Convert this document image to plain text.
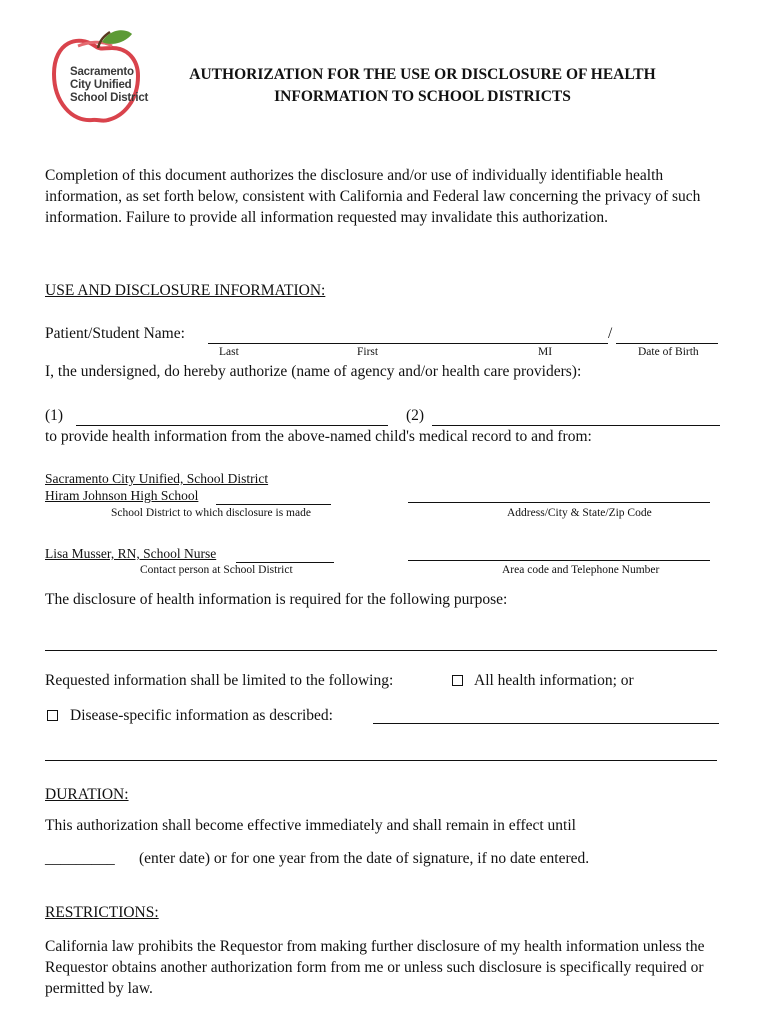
Sacramento
City Unified
School District
AUTHORIZATION FOR THE USE OR DISCLOSURE OF HEALTH
INFORMATION TO SCHOOL DISTRICTS
Completion of this document authorizes the disclosure and/or use of individually identifiable health information, as set forth below, consistent with California and Federal law concerning the privacy of such information. Failure to provide all information requested may invalidate this authorization.
USE AND DISCLOSURE INFORMATION:
Patient/Student Name:	/
Last	First	MI	Date of Birth
I, the undersigned, do hereby authorize (name of agency and/or health care providers):
(1)	(2)
to provide health information from the above-named child's medical record to and from:
Sacramento City Unified, School District
Hiram Johnson High School
School District to which disclosure is made	Address/City & State/Zip Code
Lisa Musser, RN, School Nurse
Contact person at School District	Area code and Telephone Number
The disclosure of health information is required for the following purpose:
Requested information shall be limited to the following:	All health information; or
Disease-specific information as described:
DURATION:
This authorization shall become effective immediately and shall remain in effect until
_________ (enter date) or for one year from the date of signature, if no date entered.
RESTRICTIONS:
California law prohibits the Requestor from making further disclosure of my health information unless the Requestor obtains another authorization form from me or unless such disclosure is specifically required or permitted by law.
